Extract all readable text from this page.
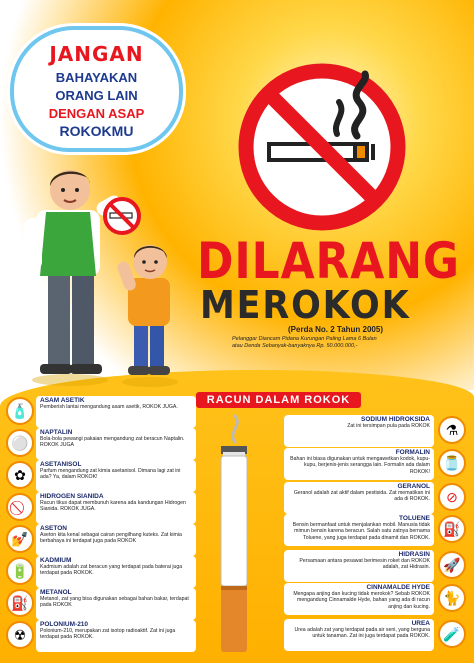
JANGAN
BAHAYAKAN
ORANG LAIN
DENGAN ASAP
ROKOKMU
DILARANG
MEROKOK
(Perda No. 2 Tahun 2005)
Pelanggar Diancam Pidana Kurungan Paling Lama 6 Bulan
atau Denda Sebanyak-banyaknya Rp. 50.000.000,-
RACUN DALAM ROKOK
🧴
ASAM ASETIK
Pemberish lantai mengandung asam asetik, ROKOK JUGA.
⚪
NAPTALIN
Bola-bola pewangi pakaian mengandung zat beracun Naptalin. ROKOK JUGA
✿
ASETANISOL
Parfum mengandung zat kimia asetanisol. Dimana lagi zat ini ada? Ya, dalam ROKOK!
HIDROGEN SIANIDA
Racun tikus dapat membunuh karena ada kandungan Hidrogen Sianida. ROKOK JUGA.
💅
ASETON
Aseton kita kenal sebagai cairan pengilhang kuteks. Zat kimia berbahaya ini terdapat juga pada ROKOK
🔋
KADMIUM
Kadmium adalah zat beracun yang terdapat pada baterai juga terdapat pada ROKOK.
⛽
METANOL
Metanol, zat yang bisa digunakan sebagai bahan bakar, terdapat pada ROKOK
☢
POLONIUM-210
Polonium-210, merupakan zat isotop radioaktif. Zat ini juga terdapat pada ROKOK.
⚗
SODIUM HIDROKSIDA
Zat ini tersimpan pula pada ROKOK
🫙
FORMALIN
Bahan ini biasa digunakan untuk mengawetkan kodok, kupu-kupu, berjenis-jenis serangga lain. Formalin ada dalam ROKOK!
⊘
GERANOL
Geranol adalah zat aktif dalam pestisida. Zat mematikan ini ada di ROKOK.
⛽
TOLUENE
Bensin bermanfaat untuk menjalankan mobil. Manusia tidak mimun bensin karena beracun. Salah satu zatnya bernama Toluene, yang juga terdapat pada dinamit dan ROKOK.
🚀
HIDRASIN
Persamaan antara pesawat berimesin roket dan ROKOK adalah, zat Hidrasin.
🐈
CINNAMALDE HYDE
Mengapa anjing dan kucing tidak merokok? Sebab ROKOK mengandung Cinnamalde Hyde, bahan yang ada di racun anjing dan kucing.
🧪
UREA
Urea adalah zat yang terdapat pada air seni, yang berguna untuk tanaman. Zat ini juga terdapat pada ROKOK.
